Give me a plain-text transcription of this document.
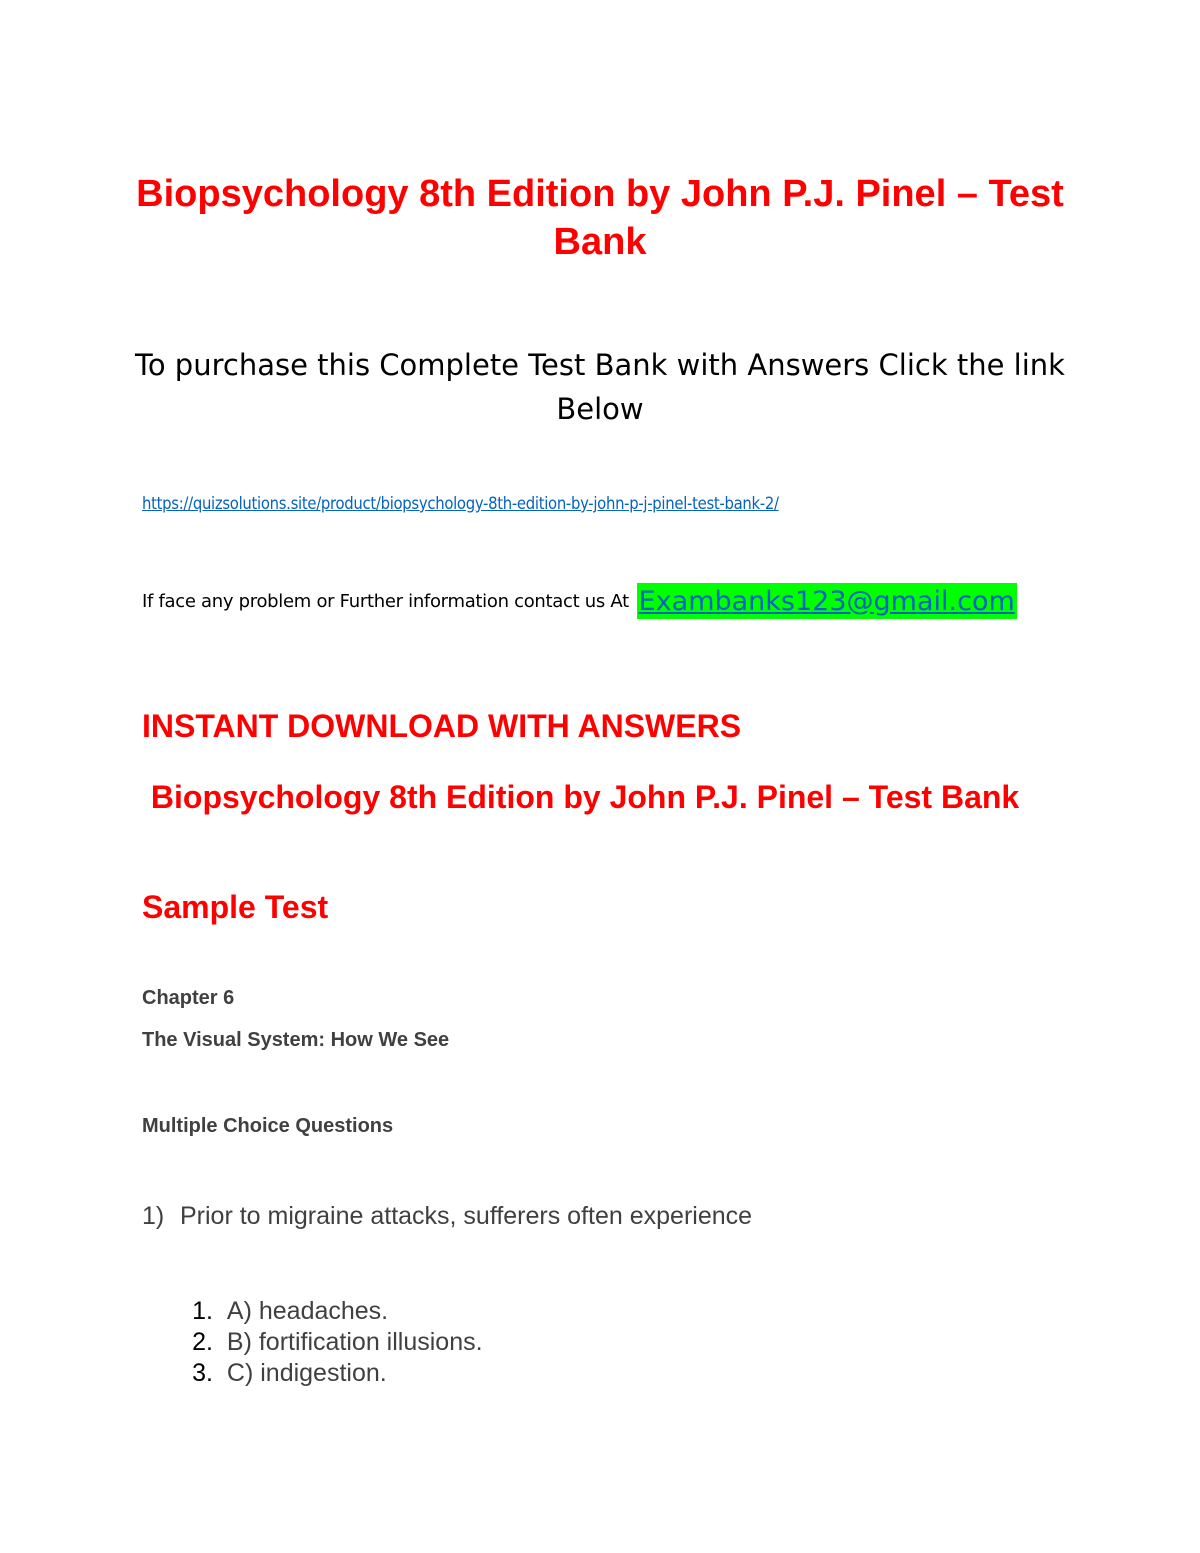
Biopsychology 8th Edition by John P.J. Pinel – Test Bank

To purchase this Complete Test Bank with Answers Click the link Below

https://quizsolutions.site/product/biopsychology-8th-edition-by-john-p-j-pinel-test-bank-2/
If face any problem or Further information contact us At Exambanks123@gmail.com
INSTANT DOWNLOAD WITH ANSWERS
Biopsychology 8th Edition by John P.J. Pinel – Test Bank
Sample Test
Chapter 6
The Visual System: How We See
Multiple Choice Questions
1) Prior to migraine attacks, sufferers often experience
1.
A) headaches.
2.
B) fortification illusions.
3.
C) indigestion.
